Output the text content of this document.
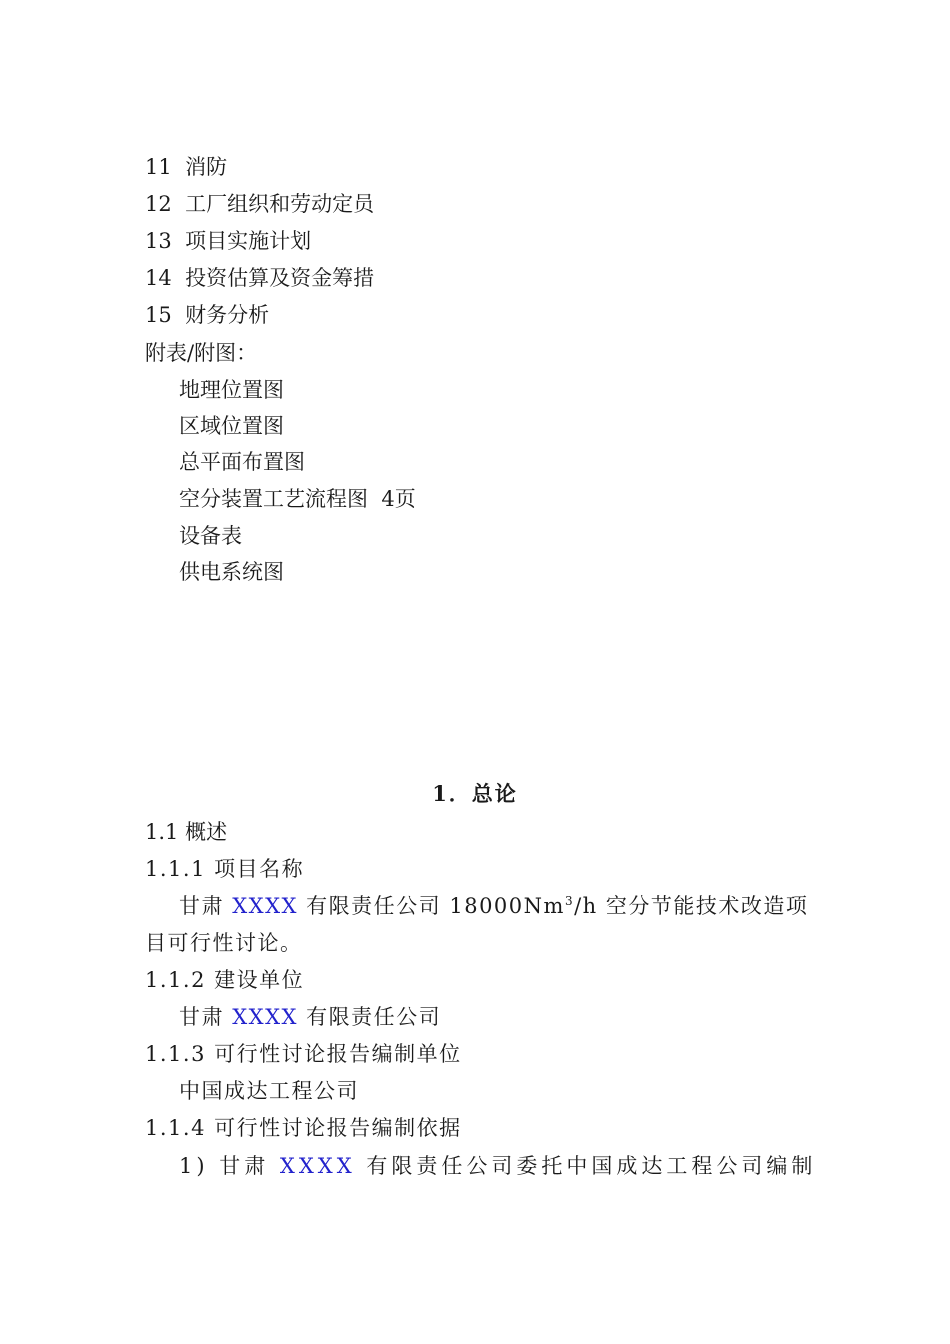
11 消防
12 工厂组织和劳动定员
13 项目实施计划
14 投资估算及资金筹措
15 财务分析
附表/附图：
地理位置图
区域位置图
总平面布置图
空分装置工艺流程图  4页
设备表
供电系统图
1．总论
1.1 概述
1.1.1 项目名称
甘肃 XXXX 有限责任公司 18000Nm$^3$/h 空分节能技术改造项
目可行性讨论。
1.1.2 建设单位
甘肃 XXXX 有限责任公司
1.1.3 可行性讨论报告编制单位
中国成达工程公司
1.1.4 可行性讨论报告编制依据
1) 甘肃 XXXX 有限责任公司委托中国成达工程公司编制
